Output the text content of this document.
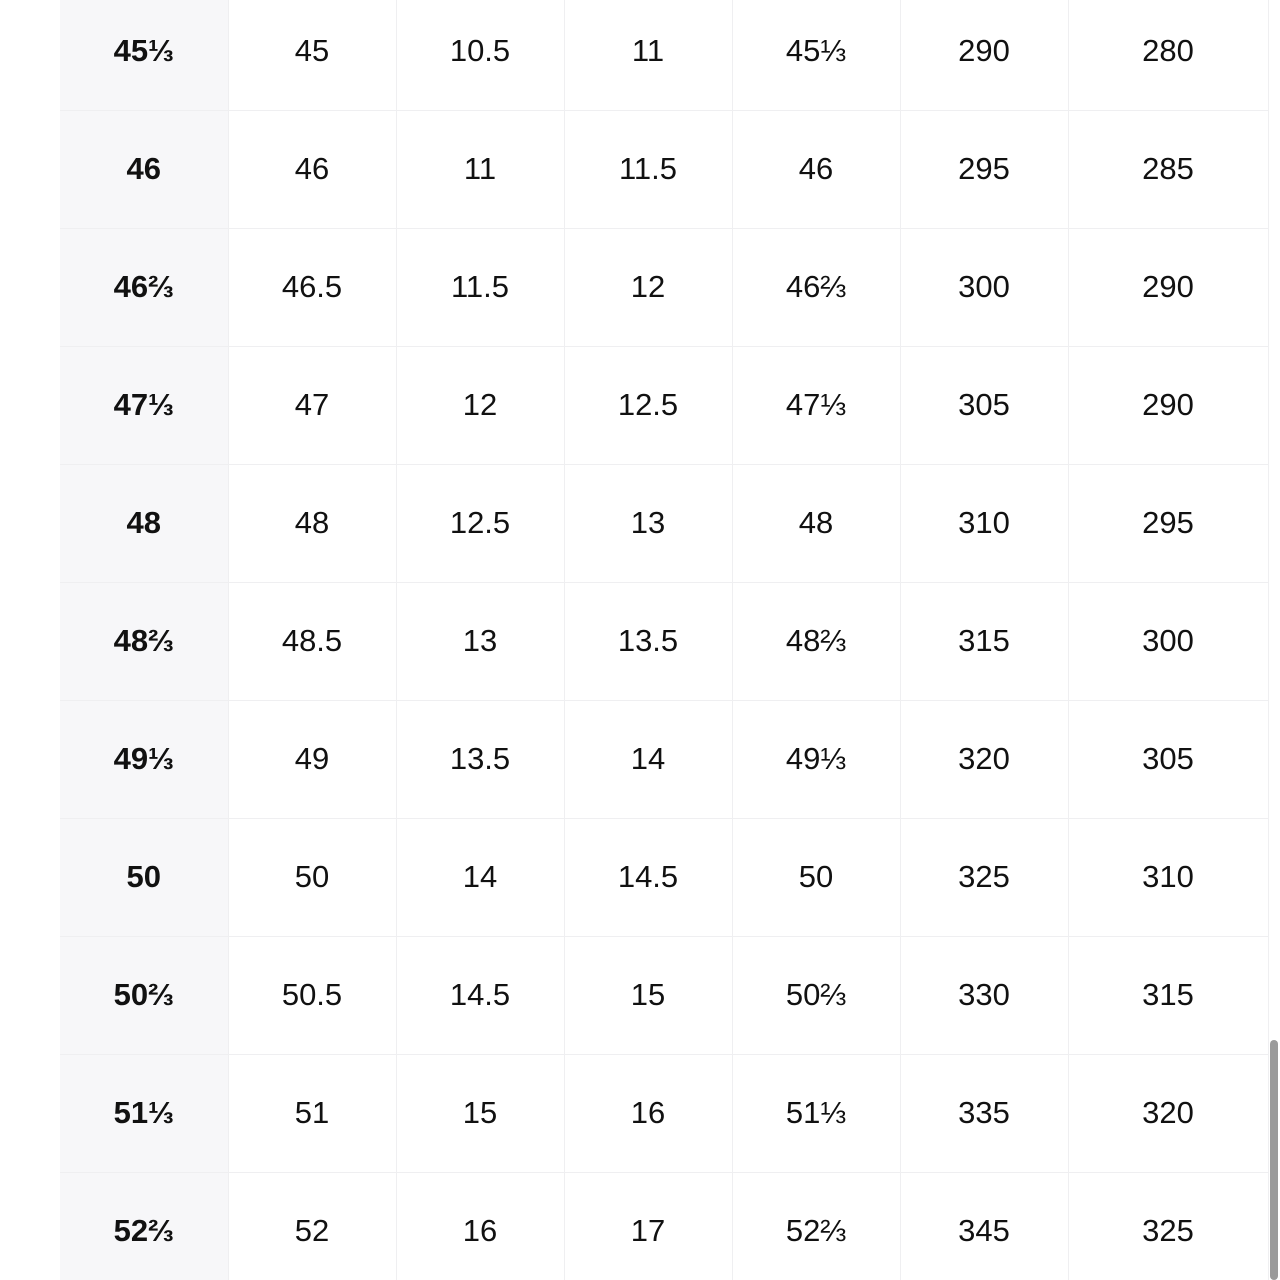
45⅓	45	10.5	11	45⅓	290	280
46	46	11	11.5	46	295	285
46⅔	46.5	11.5	12	46⅔	300	290
47⅓	47	12	12.5	47⅓	305	290
48	48	12.5	13	48	310	295
48⅔	48.5	13	13.5	48⅔	315	300
49⅓	49	13.5	14	49⅓	320	305
50	50	14	14.5	50	325	310
50⅔	50.5	14.5	15	50⅔	330	315
51⅓	51	15	16	51⅓	335	320
52⅔	52	16	17	52⅔	345	325
